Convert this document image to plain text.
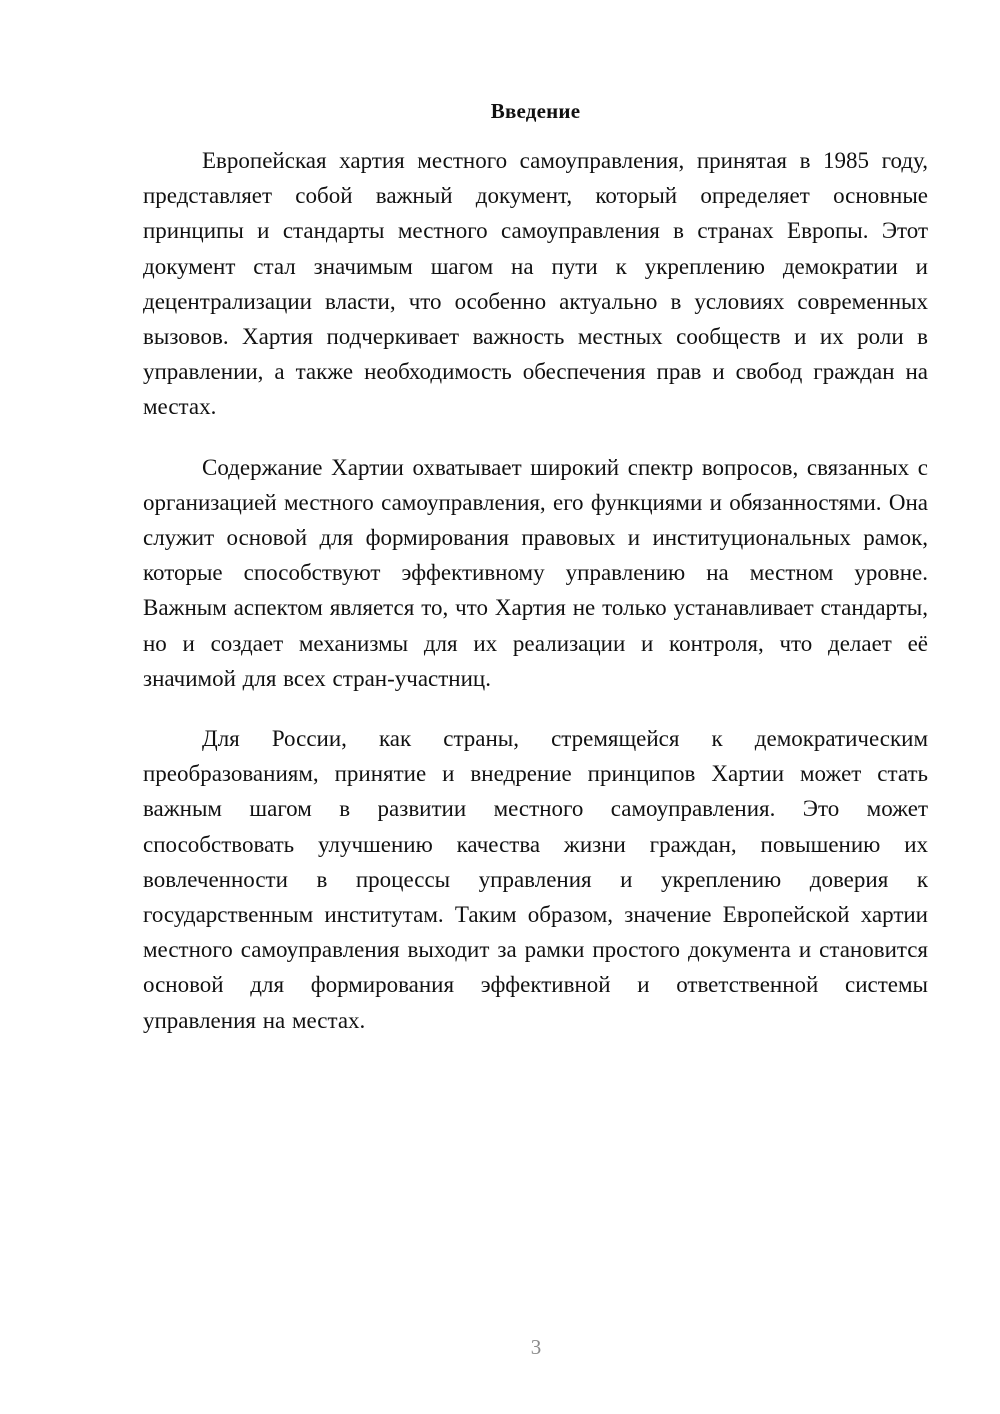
Введение

Европейская хартия местного самоуправления, принятая в 1985 году, представляет собой важный документ, который определяет основные принципы и стандарты местного самоуправления в странах Европы. Этот документ стал значимым шагом на пути к укреплению демократии и децентрализации власти, что особенно актуально в условиях современных вызовов. Хартия подчеркивает важность местных сообществ и их роли в управлении, а также необходимость обеспечения прав и свобод граждан на местах.

Содержание Хартии охватывает широкий спектр вопросов, связанных с организацией местного самоуправления, его функциями и обязанностями. Она служит основой для формирования правовых и институциональных рамок, которые способствуют эффективному управлению на местном уровне. Важным аспектом является то, что Хартия не только устанавливает стандарты, но и создает механизмы для их реализации и контроля, что делает её значимой для всех стран-участниц.

Для России, как страны, стремящейся к демократическим преобразованиям, принятие и внедрение принципов Хартии может стать важным шагом в развитии местного самоуправления. Это может способствовать улучшению качества жизни граждан, повышению их вовлеченности в процессы управления и укреплению доверия к государственным институтам. Таким образом, значение Европейской хартии местного самоуправления выходит за рамки простого документа и становится основой для формирования эффективной и ответственной системы управления на местах.

3
